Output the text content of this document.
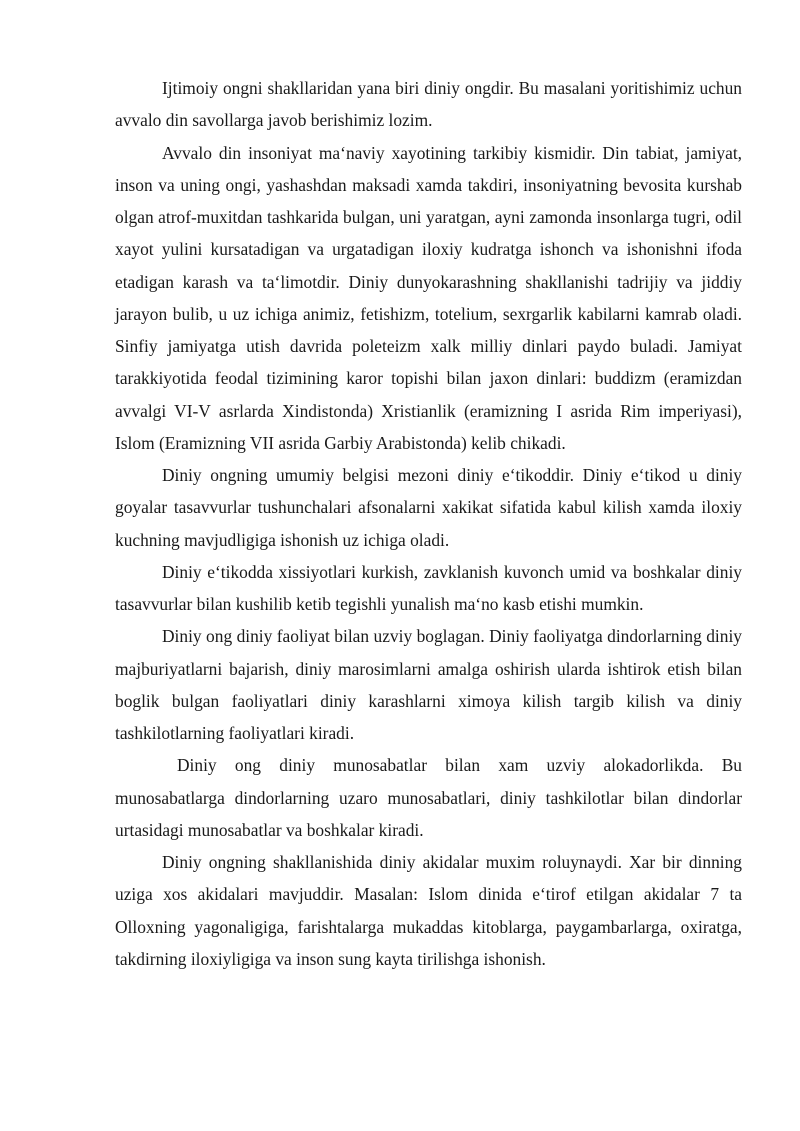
Ijtimoiy ongni shakllaridan yana biri diniy ongdir. Bu masalani yoritishimiz uchun avvalo din savollarga javob berishimiz lozim.

Avvalo din insoniyat ma‘naviy xayotining tarkibiy kismidir. Din tabiat, jamiyat, inson va uning ongi, yashashdan maksadi xamda takdiri, insoniyatning bevosita kurshab olgan atrof-muxitdan tashkarida bulgan, uni yaratgan, ayni zamonda insonlarga tugri, odil xayot yulini kursatadigan va urgatadigan iloxiy kudratga ishonch va ishonishni ifoda etadigan karash va ta‘limotdir. Diniy dunyokarashning shakllanishi tadrijiy va jiddiy jarayon bulib, u uz ichiga animiz, fetishizm, totelium, sexrgarlik kabilarni kamrab oladi. Sinfiy jamiyatga utish davrida poleteizm xalk milliy dinlari paydo buladi. Jamiyat tarakkiyotida feodal tizimining karor topishi bilan jaxon dinlari: buddizm (eramizdan avvalgi VI-V asrlarda Xindistonda) Xristianlik (eramizning I asrida Rim imperiyasi), Islom (Eramizning VII asrida Garbiy Arabistonda) kelib chikadi.

Diniy ongning umumiy belgisi mezoni diniy e‘tikoddir. Diniy e‘tikod u diniy goyalar tasavvurlar tushunchalari afsonalarni xakikat sifatida kabul kilish xamda iloxiy kuchning mavjudligiga ishonish uz ichiga oladi.

Diniy e‘tikodda xissiyotlari kurkish, zavklanish kuvonch umid va boshkalar diniy tasavvurlar bilan kushilib ketib tegishli yunalish ma‘no kasb etishi mumkin.

Diniy ong diniy faoliyat bilan uzviy boglagan. Diniy faoliyatga dindorlarning diniy majburiyatlarni bajarish, diniy marosimlarni amalga oshirish ularda ishtirok etish bilan boglik bulgan faoliyatlari diniy karashlarni ximoya kilish targib kilish va diniy tashkilotlarning faoliyatlari kiradi.

Diniy ong diniy munosabatlar bilan xam uzviy alokadorlikda. Bu munosabatlarga dindorlarning uzaro munosabatlari, diniy tashkilotlar bilan dindorlar urtasidagi munosabatlar va boshkalar kiradi.

Diniy ongning shakllanishida diniy akidalar muxim roluynaydi. Xar bir dinning uziga xos akidalari mavjuddir. Masalan: Islom dinida e‘tirof etilgan akidalar 7 ta Olloxning yagonaligiga, farishtalarga mukaddas kitoblarga, paygambarlarga, oxiratga, takdirning iloxiyligiga va inson sung kayta tirilishga ishonish.
